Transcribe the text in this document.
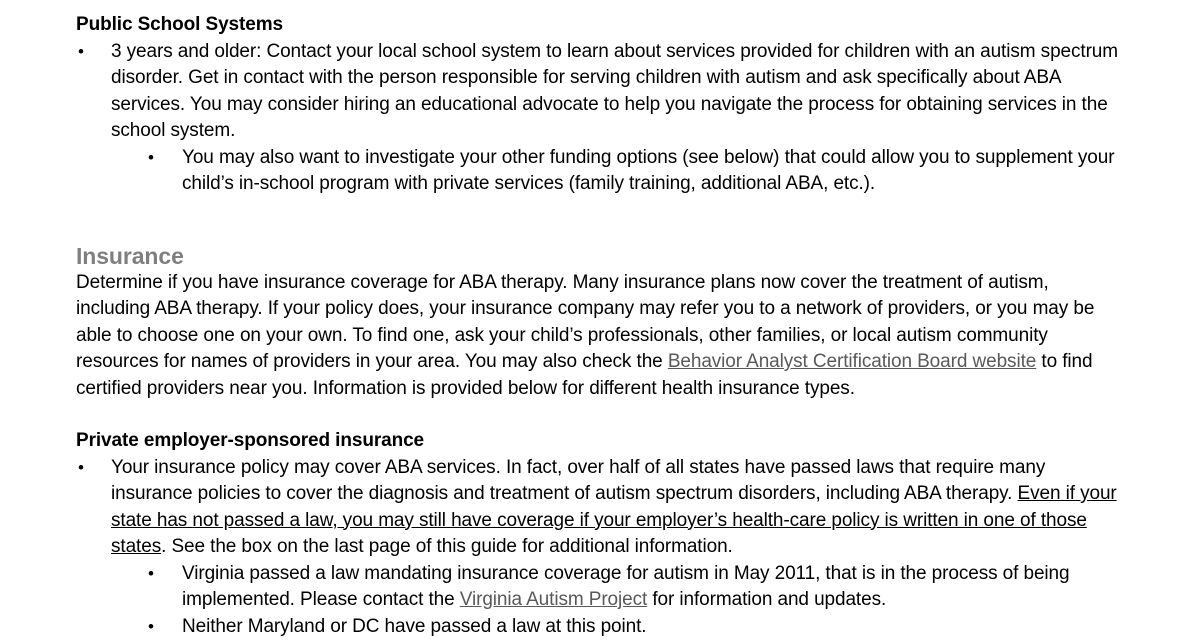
Public School Systems
• 3 years and older: Contact your local school system to learn about services provided for children with an autism spectrum disorder. Get in contact with the person responsible for serving children with autism and ask specifically about ABA services. You may consider hiring an educational advocate to help you navigate the process for obtaining services in the school system.
• You may also want to investigate your other funding options (see below) that could allow you to supplement your child’s in-school program with private services (family training, additional ABA, etc.).
Insurance

Determine if you have insurance coverage for ABA therapy. Many insurance plans now cover the treatment of autism, including ABA therapy. If your policy does, your insurance company may refer you to a network of providers, or you may be able to choose one on your own. To find one, ask your child’s professionals, other families, or local autism community resources for names of providers in your area. You may also check the Behavior Analyst Certification Board website to find certified providers near you. Information is provided below for different health insurance types.

Private employer-sponsored insurance
• Your insurance policy may cover ABA services. In fact, over half of all states have passed laws that require many insurance policies to cover the diagnosis and treatment of autism spectrum disorders, including ABA therapy. Even if your state has not passed a law, you may still have coverage if your employer’s health-care policy is written in one of those states. See the box on the last page of this guide for additional information.
• Virginia passed a law mandating insurance coverage for autism in May 2011, that is in the process of being implemented. Please contact the Virginia Autism Project for information and updates.
• Neither Maryland or DC have passed a law at this point.
